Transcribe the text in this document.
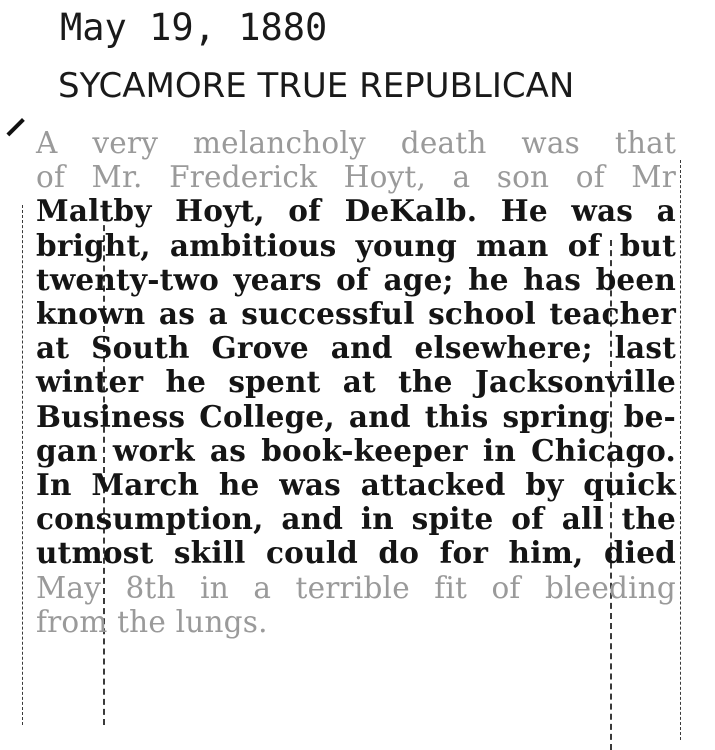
May 19, 1880
SYCAMORE TRUE REPUBLICAN
A very melancholy death was that
of Mr. Frederick Hoyt, a son of Mr
Maltby Hoyt, of DeKalb. He was a
bright, ambitious young man of but
twenty-two years of age; he has been
known as a successful school teacher
at South Grove and elsewhere; last
winter he spent at the Jacksonville
Business College, and this spring be-
gan work as book-keeper in Chicago.
In March he was attacked by quick
consumption, and in spite of all the
utmost skill could do for him, died
May 8th in a terrible fit of bleeding
from the lungs.
